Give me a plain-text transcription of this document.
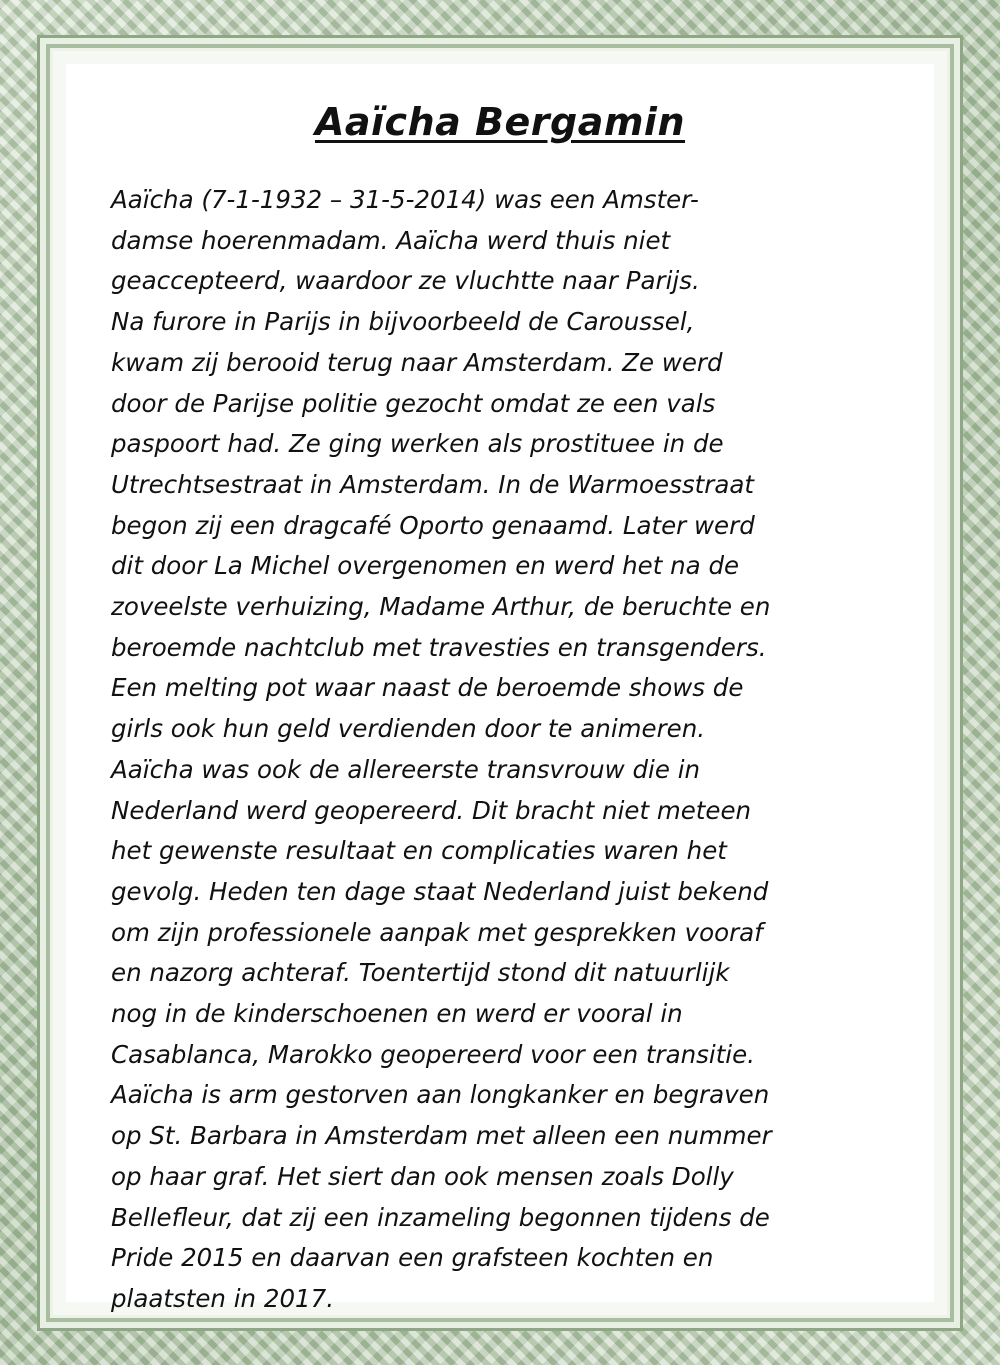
Aaïcha Bergamin

Aaïcha (7-1-1932 – 31-5-2014) was een Amster-
damse hoerenmadam. Aaïcha werd thuis niet
geaccepteerd, waardoor ze vluchtte naar Parijs.
Na furore in Parijs in bijvoorbeeld de Caroussel,
kwam zij berooid terug naar Amsterdam. Ze werd
door de Parijse politie gezocht omdat ze een vals
paspoort had. Ze ging werken als prostituee in de
Utrechtsestraat in Amsterdam. In de Warmoesstraat
begon zij een dragcafé Oporto genaamd. Later werd
dit door La Michel overgenomen en werd het na de
zoveelste verhuizing, Madame Arthur, de beruchte en
beroemde nachtclub met travesties en transgenders.
Een melting pot waar naast de beroemde shows de
girls ook hun geld verdienden door te animeren.
Aaïcha was ook de allereerste transvrouw die in
Nederland werd geopereerd. Dit bracht niet meteen
het gewenste resultaat en complicaties waren het
gevolg. Heden ten dage staat Nederland juist bekend
om zijn professionele aanpak met gesprekken vooraf
en nazorg achteraf. Toentertijd stond dit natuurlijk
nog in de kinderschoenen en werd er vooral in
Casablanca, Marokko geopereerd voor een transitie.
Aaïcha is arm gestorven aan longkanker en begraven
op St. Barbara in Amsterdam met alleen een nummer
op haar graf. Het siert dan ook mensen zoals Dolly
Bellefleur, dat zij een inzameling begonnen tijdens de
Pride 2015 en daarvan een grafsteen kochten en
plaatsten in 2017.
